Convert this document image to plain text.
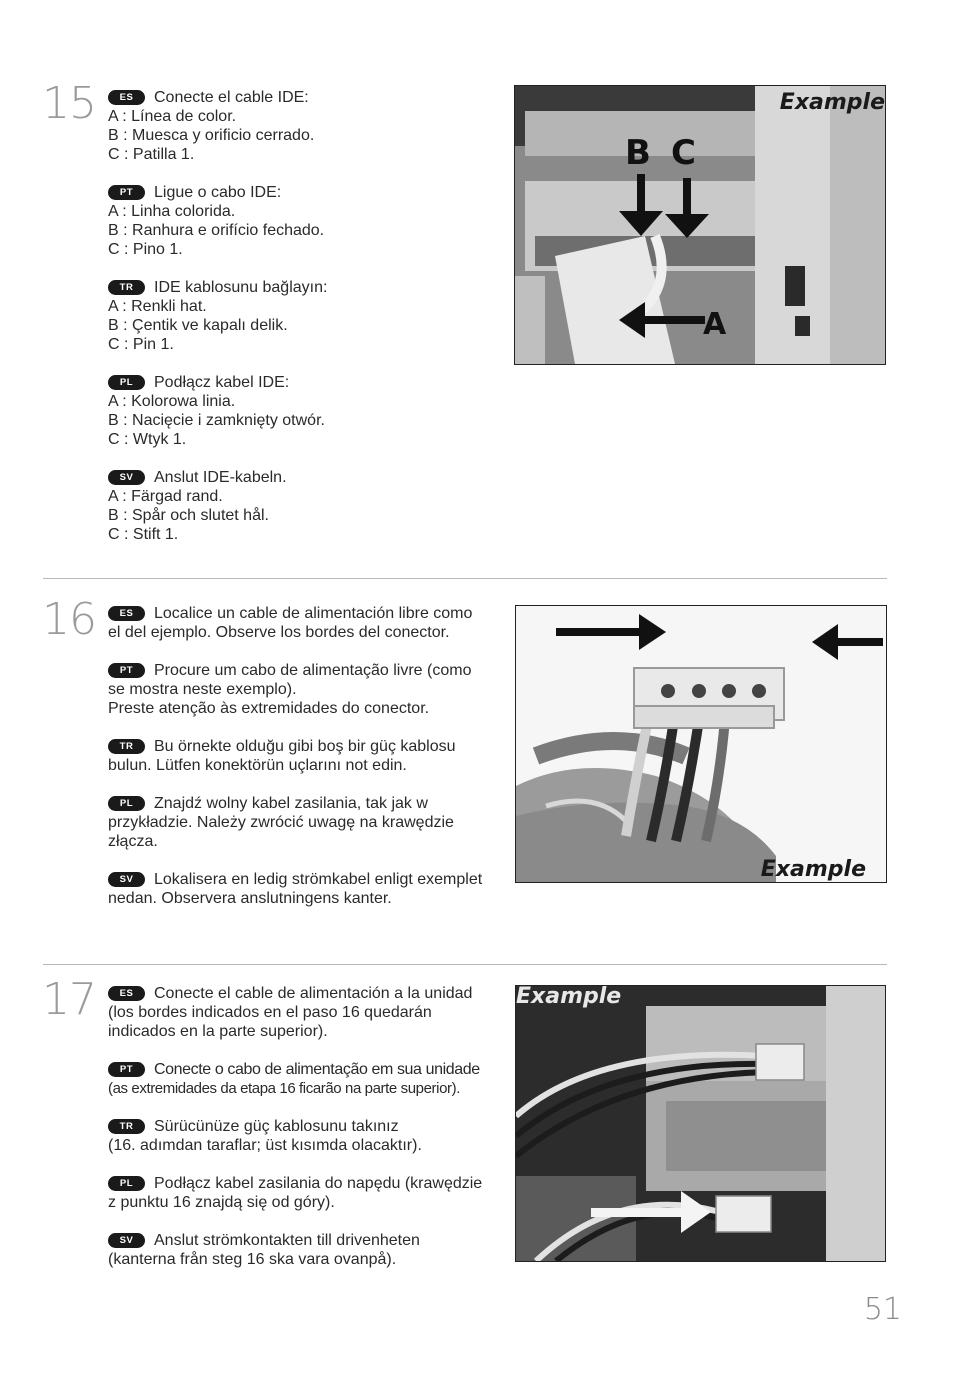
15	ES Conecte el cable IDE:
A : Línea de color.
B : Muesca y orificio cerrado.
C : Patilla 1.
PT Ligue o cabo IDE:
A : Linha colorida.
B : Ranhura e orifício fechado.
C : Pino 1.
TR IDE kablosunu bağlayın:
A : Renkli hat.
B : Çentik ve kapalı delik.
C : Pin 1.
PL Podłącz kabel IDE:
A : Kolorowa linia.
B : Nacięcie i zamknięty otwór.
C : Wtyk 1.
SV Anslut IDE-kabeln.
A : Färgad rand.
B : Spår och slutet hål.
C : Stift 1.
B C
A
Example
16	ES Localice un cable de alimentación libre como
el del ejemplo. Observe los bordes del conector.
PT Procure um cabo de alimentação livre (como
se mostra neste exemplo).
Preste atenção às extremidades do conector.
TR Bu örnekte olduğu gibi boş bir güç kablosu
bulun. Lütfen konektörün uçlarını not edin.
PL Znajdź wolny kabel zasilania, tak jak w
przykładzie. Należy zwrócić uwagę na krawędzie
złącza.
SV Lokalisera en ledig strömkabel enligt exemplet
nedan. Observera anslutningens kanter.
Example
17	ES Conecte el cable de alimentación a la unidad
(los bordes indicados en el paso 16 quedarán
indicados en la parte superior).
PT Conecte o cabo de alimentação em sua unidade
(as extremidades da etapa 16 ficarão na parte superior).
TR Sürücünüze güç kablosunu takınız
(16. adımdan taraflar; üst kısımda olacaktır).
PL Podłącz kabel zasilania do napędu (krawędzie
z punktu 16 znajdą się od góry).
SV Anslut strömkontakten till drivenheten
(kanterna från steg 16 ska vara ovanpå).
Example
51
